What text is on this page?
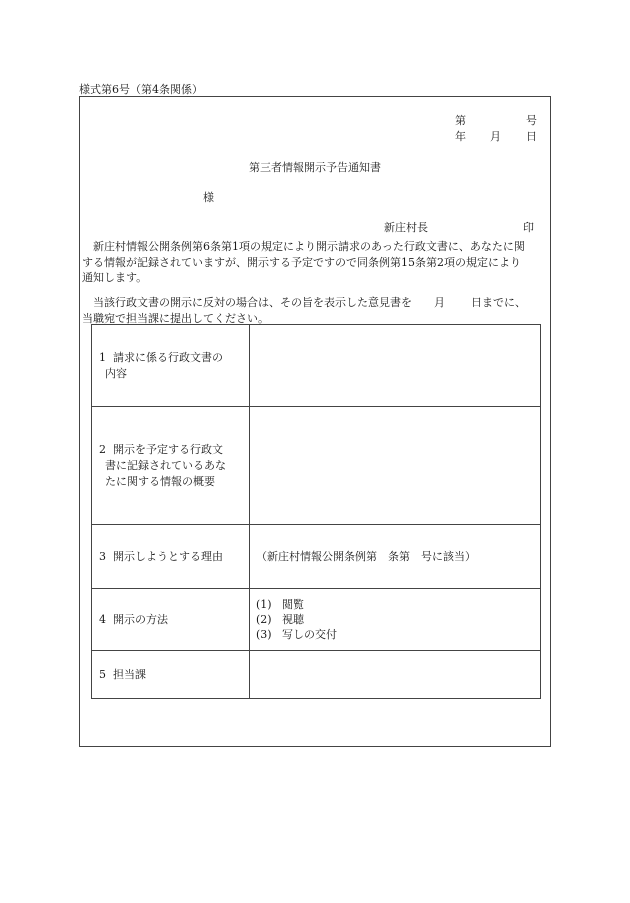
様式第6号（第4条関係）
第	号
年 月 日
第三者情報開示予告通知書
様
新庄村長	印
新庄村情報公開条例第6条第1項の規定により開示請求のあった行政文書に、あなたに関
する情報が記録されていますが、開示する予定ですので同条例第15条第2項の規定により
通知します。
当該行政文書の開示に反対の場合は、その旨を表示した意見書を 月 日までに、
当職宛で担当課に提出してください。
1 請求に係る行政文書の
内容	

2 開示を予定する行政文
書に記録されているあな
たに関する情報の概要	

3 開示しようとする理由	（新庄村情報公開条例第　条第　号に該当）
4 開示の方法	(1) 閲覧
(2) 視聴
(3) 写しの交付

5 担当課	
